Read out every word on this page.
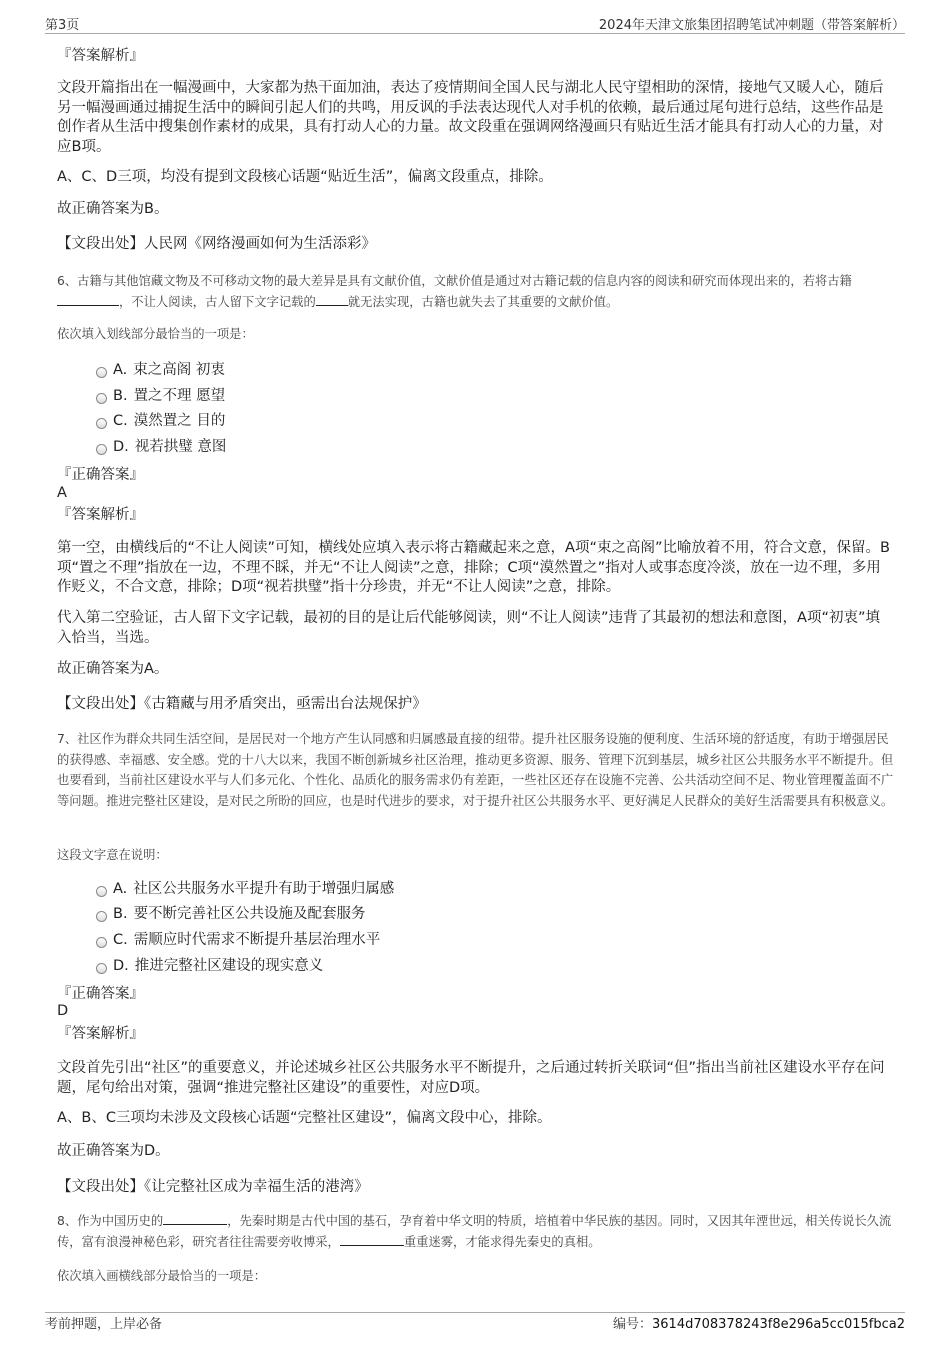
第3页	2024年天津文旅集团招聘笔试冲刺题（带答案解析）
『答案解析』
文段开篇指出在一幅漫画中，大家都为热干面加油，表达了疫情期间全国人民与湖北人民守望相助的深情，接地气又暖人心，随后另一幅漫画通过捕捉生活中的瞬间引起人们的共鸣，用反讽的手法表达现代人对手机的依赖，最后通过尾句进行总结，这些作品是创作者从生活中搜集创作素材的成果，具有打动人心的力量。故文段重在强调网络漫画只有贴近生活才能具有打动人心的力量，对应B项。
A、C、D三项，均没有提到文段核心话题“贴近生活”，偏离文段重点，排除。
故正确答案为B。
【文段出处】人民网《网络漫画如何为生活添彩》
6、古籍与其他馆藏文物及不可移动文物的最大差异是具有文献价值，文献价值是通过对古籍记载的信息内容的阅读和研究而体现出来的，若将古籍，不让人阅读，古人留下文字记载的	就无法实现，古籍也就失去了其重要的文献价值。
依次填入划线部分最恰当的一项是：
A. 束之高阁 初衷
B. 置之不理 愿望
C. 漠然置之 目的
D. 视若拱璧 意图
『正确答案』
A
『答案解析』
第一空，由横线后的“不让人阅读”可知，横线处应填入表示将古籍藏起来之意，A项“束之高阁”比喻放着不用，符合文意，保留。B项“置之不理”指放在一边，不理不睬，并无“不让人阅读”之意，排除；C项“漠然置之”指对人或事态度冷淡，放在一边不理，多用作贬义，不合文意，排除；D项“视若拱璧”指十分珍贵，并无“不让人阅读”之意，排除。
代入第二空验证，古人留下文字记载，最初的目的是让后代能够阅读，则“不让人阅读”违背了其最初的想法和意图，A项“初衷”填入恰当，当选。
故正确答案为A。
【文段出处】《古籍藏与用矛盾突出，亟需出台法规保护》
7、社区作为群众共同生活空间，是居民对一个地方产生认同感和归属感最直接的纽带。提升社区服务设施的便利度、生活环境的舒适度，有助于增强居民的获得感、幸福感、安全感。党的十八大以来，我国不断创新城乡社区治理，推动更多资源、服务、管理下沉到基层，城乡社区公共服务水平不断提升。但也要看到，当前社区建设水平与人们多元化、个性化、品质化的服务需求仍有差距，一些社区还存在设施不完善、公共活动空间不足、物业管理覆盖面不广等问题。推进完整社区建设，是对民之所盼的回应，也是时代进步的要求，对于提升社区公共服务水平、更好满足人民群众的美好生活需要具有积极意义。
这段文字意在说明：
A. 社区公共服务水平提升有助于增强归属感
B. 要不断完善社区公共设施及配套服务
C. 需顺应时代需求不断提升基层治理水平
D. 推进完整社区建设的现实意义
『正确答案』
D
『答案解析』
文段首先引出“社区”的重要意义，并论述城乡社区公共服务水平不断提升，之后通过转折关联词“但”指出当前社区建设水平存在问题，尾句给出对策，强调“推进完整社区建设”的重要性，对应D项。
A、B、C三项均未涉及文段核心话题“完整社区建设”，偏离文段中心，排除。
故正确答案为D。
【文段出处】《让完整社区成为幸福生活的港湾》
8、作为中国历史的	，先秦时期是古代中国的基石，孕育着中华文明的特质，培植着中华民族的基因。同时，又因其年湮世远，相关传说长久流传，富有浪漫神秘色彩，研究者往往需要旁收博采，	重重迷雾，才能求得先秦史的真相。
依次填入画横线部分最恰当的一项是：
考前押题，上岸必备	编号：3614d708378243f8e296a5cc015fbca2
